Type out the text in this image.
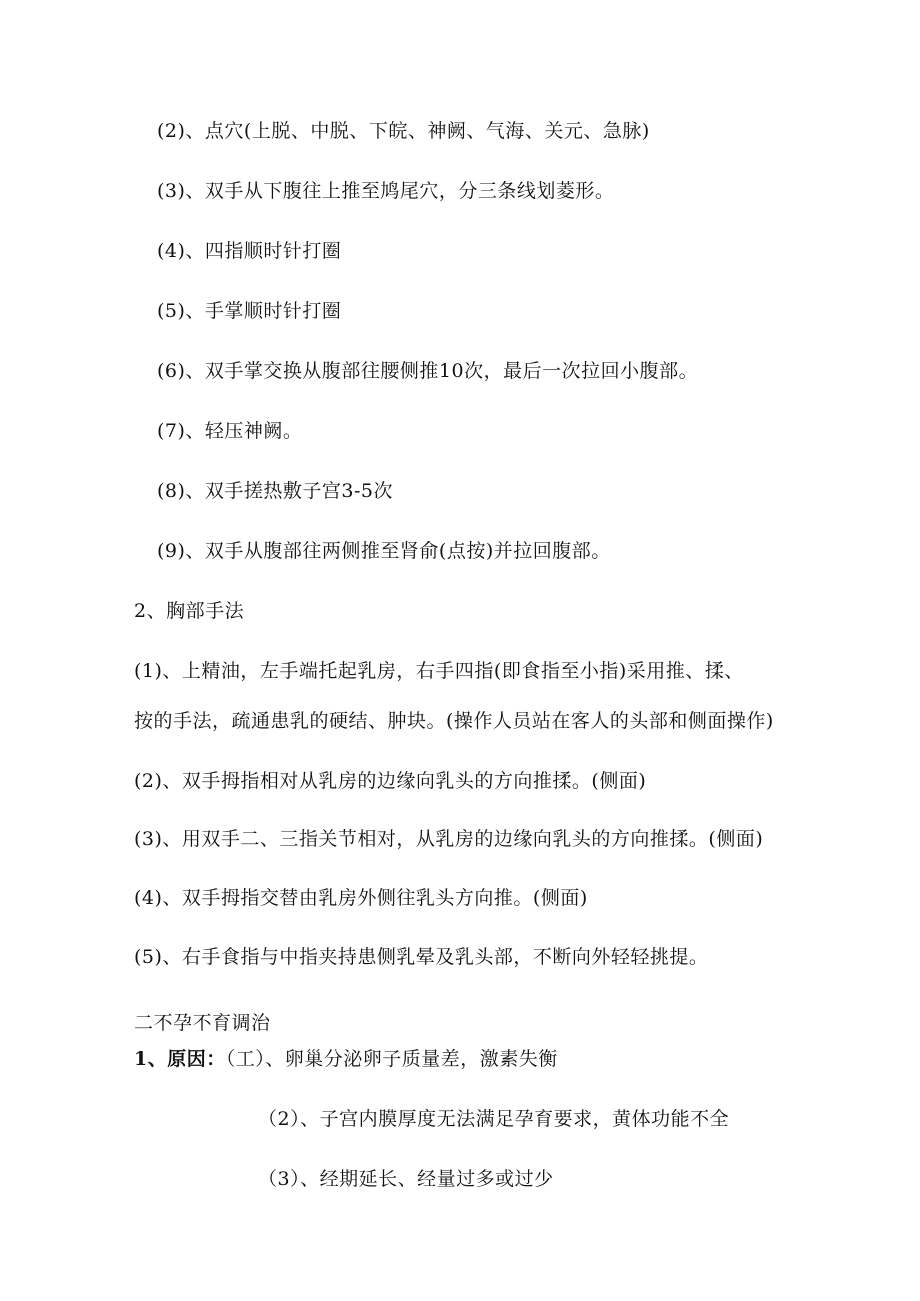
(2)、点穴(上脱、中脱、下皖、神阙、气海、关元、急脉)
(3)、双手从下腹往上推至鸠尾穴，分三条线划菱形。
(4)、四指顺时针打圈
(5)、手掌顺时针打圈
(6)、双手掌交换从腹部往腰侧推10次，最后一次拉回小腹部。
(7)、轻压神阙。
(8)、双手搓热敷子宫3-5次
(9)、双手从腹部往两侧推至肾俞(点按)并拉回腹部。
2、胸部手法
(1)、上精油，左手端托起乳房，右手四指(即食指至小指)采用推、揉、
按的手法，疏通患乳的硬结、肿块。(操作人员站在客人的头部和侧面操作)
(2)、双手拇指相对从乳房的边缘向乳头的方向推揉。(侧面)
(3)、用双手二、三指关节相对，从乳房的边缘向乳头的方向推揉。(侧面)
(4)、双手拇指交替由乳房外侧往乳头方向推。(侧面)
(5)、右手食指与中指夹持患侧乳晕及乳头部，不断向外轻轻挑提。
二不孕不育调治
1、原因：（工）、卵巢分泌卵子质量差，激素失衡
（2）、子宫内膜厚度无法满足孕育要求，黄体功能不全
（3）、经期延长、经量过多或过少
